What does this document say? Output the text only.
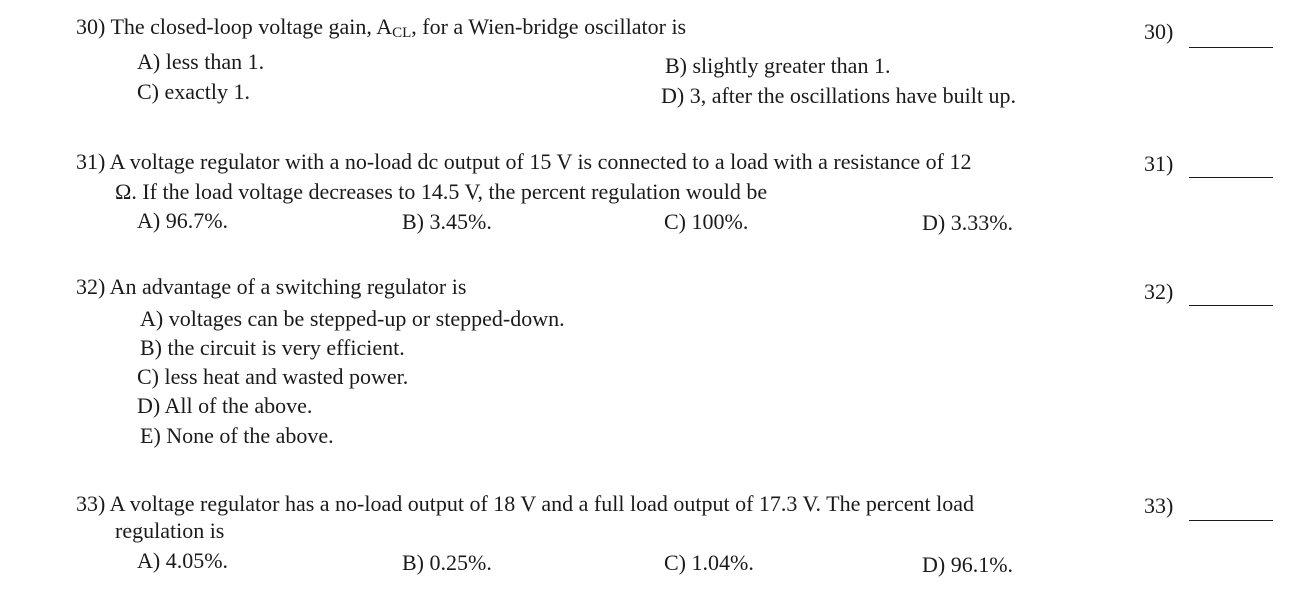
30) The closed-loop voltage gain, $A_{CL}$, for a Wien-bridge oscillator is
A) less than 1.	B) slightly greater than 1.
C) exactly 1.	D) 3, after the oscillations have built up.
30)
31) A voltage regulator with a no-load dc output of 15 V is connected to a load with a resistance of 12
Ω. If the load voltage decreases to 14.5 V, the percent regulation would be
A) 96.7%.	B) 3.45%.	C) 100%.	D) 3.33%.
31)
32) An advantage of a switching regulator is
A) voltages can be stepped-up or stepped-down.
B) the circuit is very efficient.
C) less heat and wasted power.
D) All of the above.
E) None of the above.
32)
33) A voltage regulator has a no-load output of 18 V and a full load output of 17.3 V. The percent load
regulation is
A) 4.05%.	B) 0.25%.	C) 1.04%.	D) 96.1%.
33)
